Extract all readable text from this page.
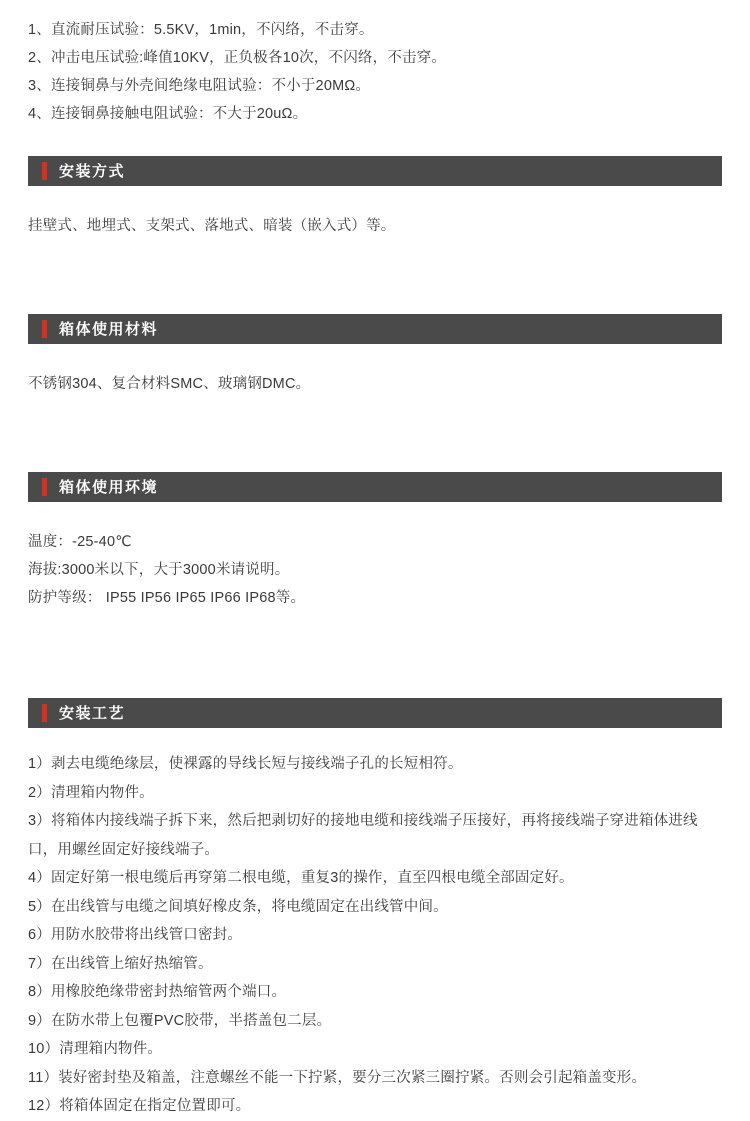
1、直流耐压试验：5.5KV，1min，不闪络，不击穿。
2、冲击电压试验:峰值10KV，正负极各10次，不闪络，不击穿。
3、连接铜鼻与外壳间绝缘电阻试验：不小于20MΩ。
4、连接铜鼻接触电阻试验：不大于20uΩ。
安装方式

挂壁式、地埋式、支架式、落地式、暗装（嵌入式）等。

箱体使用材料

不锈钢304、复合材料SMC、玻璃钢DMC。

箱体使用环境

温度：-25-40℃

海拔:3000米以下，大于3000米请说明。

防护等级： IP55 IP56 IP65 IP66 IP68等。

安装工艺
1）剥去电缆绝缘层，使裸露的导线长短与接线端子孔的长短相符。
2）清理箱内物件。
3）将箱体内接线端子拆下来，然后把剥切好的接地电缆和接线端子压接好，再将接线端子穿进箱体进线口，用螺丝固定好接线端子。
4）固定好第一根电缆后再穿第二根电缆，重复3的操作，直至四根电缆全部固定好。
5）在出线管与电缆之间填好橡皮条，将电缆固定在出线管中间。
6）用防水胶带将出线管口密封。
7）在出线管上缩好热缩管。
8）用橡胶绝缘带密封热缩管两个端口。
9）在防水带上包覆PVC胶带，半搭盖包二层。
10）清理箱内物件。
11）装好密封垫及箱盖，注意螺丝不能一下拧紧，要分三次紧三圈拧紧。否则会引起箱盖变形。
12）将箱体固定在指定位置即可。
